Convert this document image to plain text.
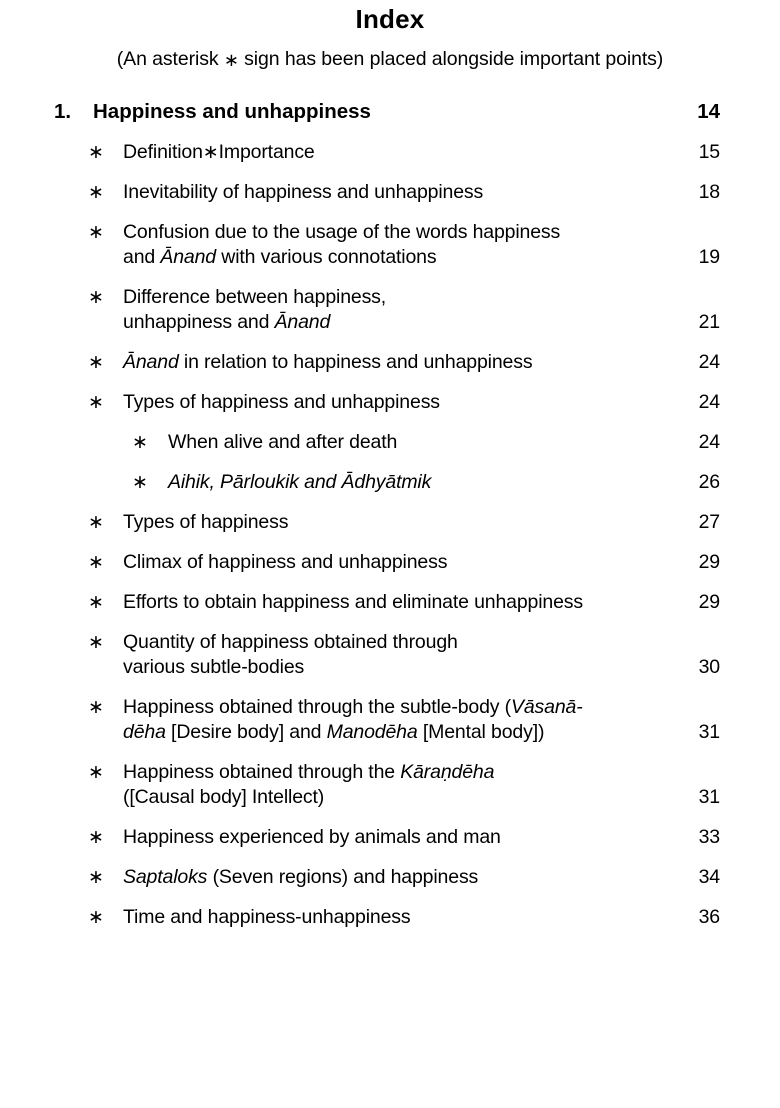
Index

(An asterisk ∗ sign has been placed alongside important points)

1.	Happiness and unhappiness	14
∗ Definition∗Importance	15
∗ Inevitability of happiness and unhappiness	18
∗ Confusion due to the usage of the words happiness
and Ānand with various connotations	19
∗ Difference between happiness,
unhappiness and Ānand	21
∗ Ānand in relation to happiness and unhappiness	24
∗ Types of happiness and unhappiness	24
∗	When alive and after death	24
∗	Aihik, Pārloukik and Ādhyātmik	26
∗ Types of happiness	27
∗ Climax of happiness and unhappiness	29
∗ Efforts to obtain happiness and eliminate unhappiness	29
∗ Quantity of happiness obtained through
various subtle-bodies	30
∗ Happiness obtained through the subtle-body (Vāsanā-
dēha [Desire body] and Manodēha [Mental body])	31
∗ Happiness obtained through the Kāraṇdēha
([Causal body] Intellect)	31
∗ Happiness experienced by animals and man	33
∗ Saptaloks (Seven regions) and happiness	34
∗ Time and happiness-unhappiness	36
